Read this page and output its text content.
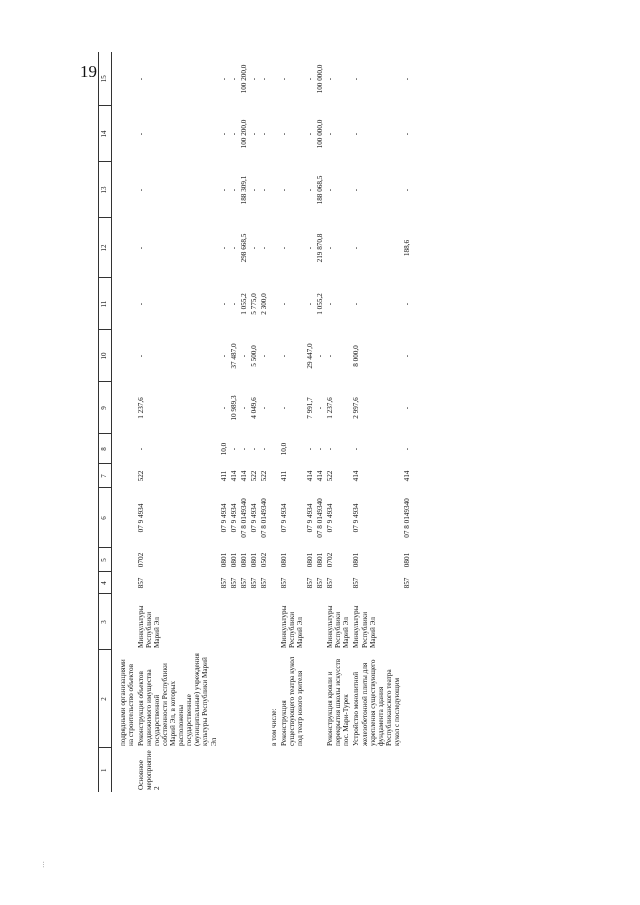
19
1	2	3	4	5	6	7	8	9	10	11	12	13	14	15

	подрядными организациями на строительство объектов													
Основное мероприятие 2	Реконструкция объектов недвижимого имущества государственной собственности Республики Марий Эл, в которых расположены государственные (муниципальные) учреждения культуры Республики Марий Эл	Минкультуры Республики Марий Эл	857	0702	07 9 4934	522	-	1 237,6	-	-	-	-	-	-
			857	0801	07 9 4934	411	10,0	-	-	-	-	-	-	-
			857	0801	07 9 4934	414	-	10 989,3	37 487,0	-	-	-	-	-
			857	0801	07 8 0149340	414	-	-	-	1 055,2	298 668,5	188 309,1	100 200,0	100 200,0
			857	0801	07 9 4934	522	-	4 049,6	5 500,0	5 775,0	-	-	-	-
			857	0502	07 8 0149340	522	-	-	-	2 300,0	-	-	-	-
	в том числе:													
	Реконструкция существующего театра кукол под театр юного зрителя	Минкультуры Республики Марий Эл	857	0801	07 9 4934	411	10,0	-	-	-	-	-	-	-
			857	0801	07 9 4934	414	-	7 991,7	29 447,0	-	-	-	-	-
			857	0801	07 8 0149340	414	-	-	-	1 055,2	219 870,8	188 068,5	100 000,0	100 000,0
	Реконструкция кровли и перекрытия школы искусств пос. Мари-Турек	Минкультуры Республики Марий Эл	857	0702	07 9 4934	522	-	1 237,6	-	-	-	-	-	-
	Устройство монолитной железобетонной плиты для укрепления существующего фундамента здания Республиканского театра кукол с последующим	Минкультуры Республики Марий Эл	857	0801	07 9 4934	414	-	2 997,6	8 000,0	-	-	-	-	-
			857	0801	07 8 0149340	414	-	-	-	-	188,6	-	-	-
…
